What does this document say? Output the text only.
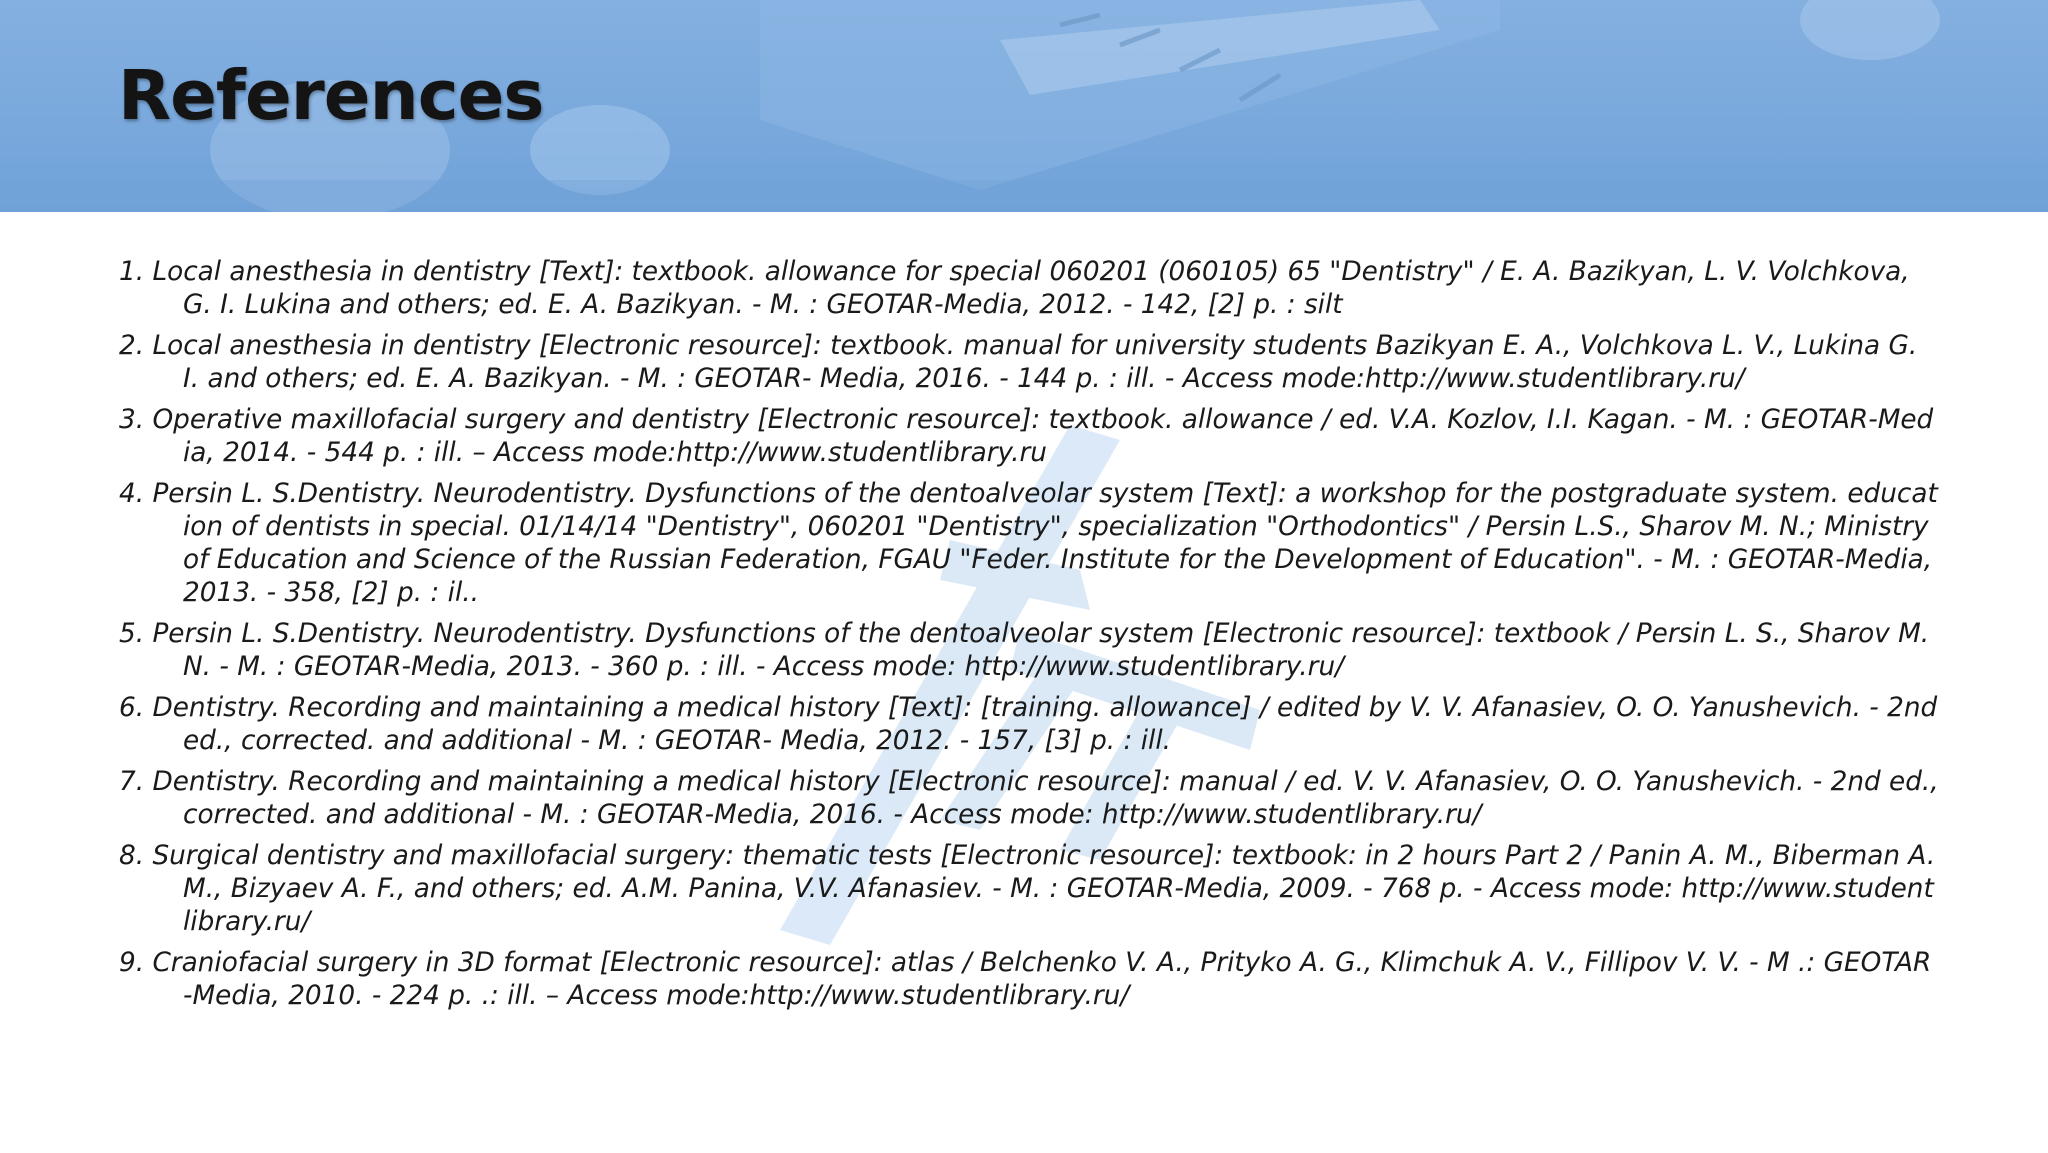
References
1. Local anesthesia in dentistry [Text]: textbook. allowance for special 060201 (060105) 65 "Dentistry" / E. A. Bazikyan, L. V. Volchkova, G. I. Lukina and others; ed. E. A. Bazikyan. - M. : GEOTAR-Media, 2012. - 142, [2] p. : silt
2. Local anesthesia in dentistry [Electronic resource]: textbook. manual for university students Bazikyan E. A., Volchkova L. V., Lukina G. I. and others; ed. E. A. Bazikyan. - M. : GEOTAR- Media, 2016. - 144 p. : ill. - Access mode:http://www.studentlibrary.ru/
3. Operative maxillofacial surgery and dentistry [Electronic resource]: textbook. allowance / ed. V.A. Kozlov, I.I. Kagan. - M. : GEOTAR-Media, 2014. - 544 p. : ill. – Access mode:http://www.studentlibrary.ru
4. Persin L. S.Dentistry. Neurodentistry. Dysfunctions of the dentoalveolar system [Text]: a workshop for the postgraduate system. education of dentists in special. 01/14/14 "Dentistry", 060201 "Dentistry", specialization "Orthodontics" / Persin L.S., Sharov M. N.; Ministry of Education and Science of the Russian Federation, FGAU "Feder. Institute for the Development of Education". - M. : GEOTAR-Media, 2013. - 358, [2] p. : il..
5. Persin L. S.Dentistry. Neurodentistry. Dysfunctions of the dentoalveolar system [Electronic resource]: textbook / Persin L. S., Sharov M. N. - M. : GEOTAR-Media, 2013. - 360 p. : ill. - Access mode: http://www.studentlibrary.ru/
6. Dentistry. Recording and maintaining a medical history [Text]: [training. allowance] / edited by V. V. Afanasiev, O. O. Yanushevich. - 2nd ed., corrected. and additional - M. : GEOTAR- Media, 2012. - 157, [3] p. : ill.
7. Dentistry. Recording and maintaining a medical history [Electronic resource]: manual / ed. V. V. Afanasiev, O. O. Yanushevich. - 2nd ed., corrected. and additional - M. : GEOTAR-Media, 2016. - Access mode: http://www.studentlibrary.ru/
8. Surgical dentistry and maxillofacial surgery: thematic tests [Electronic resource]: textbook: in 2 hours Part 2 / Panin A. M., Biberman A. M., Bizyaev A. F., and others; ed. A.M. Panina, V.V. Afanasiev. - M. : GEOTAR-Media, 2009. - 768 p. - Access mode: http://www.studentlibrary.ru/
9. Craniofacial surgery in 3D format [Electronic resource]: atlas / Belchenko V. A., Prityko A. G., Klimchuk A. V., Fillipov V. V. - M .: GEOTAR-Media, 2010. - 224 p. .: ill. – Access mode:http://www.studentlibrary.ru/
